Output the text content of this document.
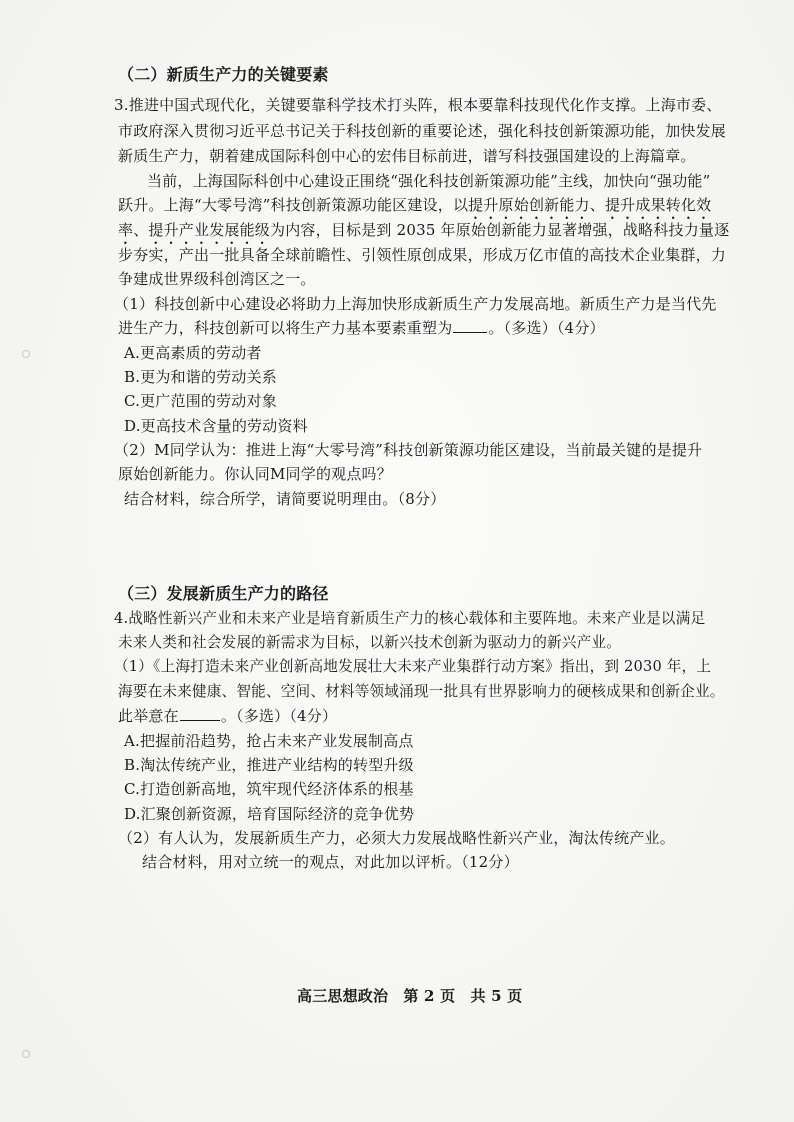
（二）新质生产力的关键要素
3.推进中国式现代化，关键要靠科学技术打头阵，根本要靠科技现代化作支撑。上海市委、
市政府深入贯彻习近平总书记关于科技创新的重要论述，强化科技创新策源功能，加快发展
新质生产力，朝着建成国际科创中心的宏伟目标前进，谱写科技强国建设的上海篇章。
当前，上海国际科创中心建设正围绕“强化科技创新策源功能”主线，加快向“强功能”
跃升。上海“大零号湾”科技创新策源功能区建设，以提升原始创新能力、提升成果转化效
率、提升产业发展能级为内容，目标是到 2035 年原始创新能力显著增强，战略科技力量逐
步夯实，产出一批具备全球前瞻性、引领性原创成果，形成万亿市值的高技术企业集群，力
争建成世界级科创湾区之一。
（1）科技创新中心建设必将助力上海加快形成新质生产力发展高地。新质生产力是当代先
进生产力，科技创新可以将生产力基本要素重塑为 。（多选）（4分）
A.更高素质的劳动者
B.更为和谐的劳动关系
C.更广范围的劳动对象
D.更高技术含量的劳动资料
（2）M同学认为：推进上海“大零号湾”科技创新策源功能区建设，当前最关键的是提升
原始创新能力。你认同M同学的观点吗？
结合材料，综合所学，请简要说明理由。（8分）
（三）发展新质生产力的路径
4.战略性新兴产业和未来产业是培育新质生产力的核心载体和主要阵地。未来产业是以满足
未来人类和社会发展的新需求为目标，以新兴技术创新为驱动力的新兴产业。
（1）《上海打造未来产业创新高地发展壮大未来产业集群行动方案》指出，到 2030 年，上
海要在未来健康、智能、空间、材料等领域涌现一批具有世界影响力的硬核成果和创新企业。
此举意在	。（多选）（4分）
A.把握前沿趋势，抢占未来产业发展制高点
B.淘汰传统产业，推进产业结构的转型升级
C.打造创新高地，筑牢现代经济体系的根基
D.汇聚创新资源，培育国际经济的竞争优势
（2）有人认为，发展新质生产力，必须大力发展战略性新兴产业，淘汰传统产业。
结合材料，用对立统一的观点，对此加以评析。（12分）
高三思想政治　第 2 页　共 5 页
